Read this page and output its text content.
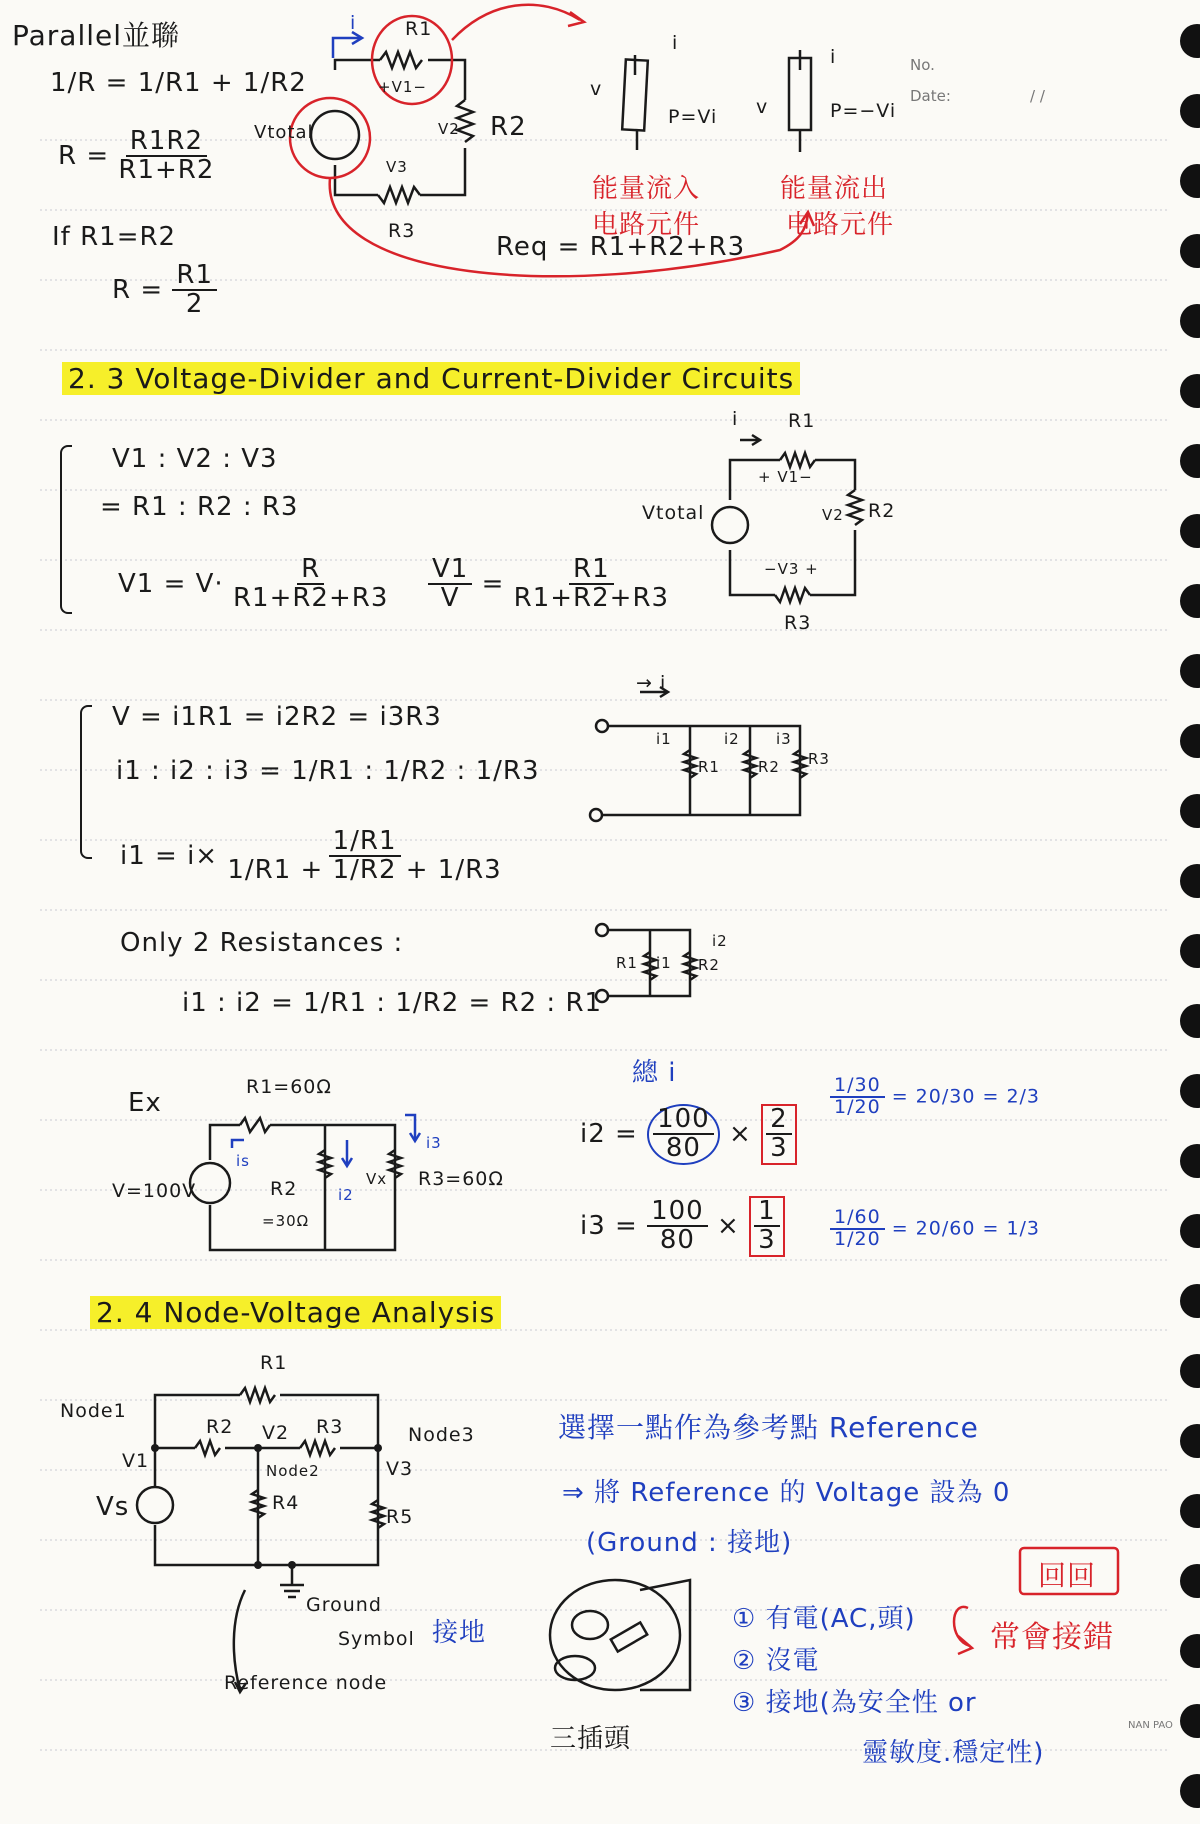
No.
Date:	/ /
NAN PAO
Parallel並聯
1/R = 1/R1 + 1/R2
$R = \frac{R1R2}{R1+R2}$
If R1=R2
$R = \frac{R1}{2}$
i	R1
+V1−
Vtotal	V2 R2
V3
R3
Req = R1+R2+R3
v
i
P=Vi v
i
P=−Vi
能量流入
电路元件
能量流出
电路元件
2. 3 Voltage-Divider and Current-Divider Circuits
V1 : V2 : V3
= R1 : R2 : R3
$V1 = V\cdot \frac{R}{R1+R2+R3} \frac{V1}{V} = \frac{R1}{R1+R2+R3}$
i	R1
+ V1−
Vtotal	V2 R2
−V3 +
R3
V = i1R1 = i2R2 = i3R3
i1 : i2 : i3 = 1/R1 : 1/R2 : 1/R3
$i1 = i\times \frac{1/R1}{1/R1 + 1/R2 + 1/R3}$
Only 2 Resistances :
i1 : i2 = 1/R1 : 1/R2 = R2 : R1
→ i
i1	i2 i3
R1	R2 R3
R1 i1
i2
R2
Ex
R1=60Ω
V=100V
is
R2
=30Ω
i2
Vx
i3
R3=60Ω
總 i
$i2 = \frac{100}{80} \times \frac{2}{3}$
$i3 = \frac{100}{80} \times \frac{1}{3}$
$\frac{1/30}{1/20} = 20/30 = 2/3$
$\frac{1/60}{1/20} = 20/60 = 1/3$
2. 4 Node-Voltage Analysis
R1
Node1
R2 V2 R3	Node3
V1	Node2	V3
Vs	R4
R5
Ground
Symbol 接地
Reference node
選擇一點作為參考點 Reference
⇒ 將 Reference 的 Voltage 設為 0
(Ground : 接地)
三插頭
① 有電(AC,頭)
② 沒電
③ 接地(為安全性 or
靈敏度.穩定性)
常會接錯
回回
